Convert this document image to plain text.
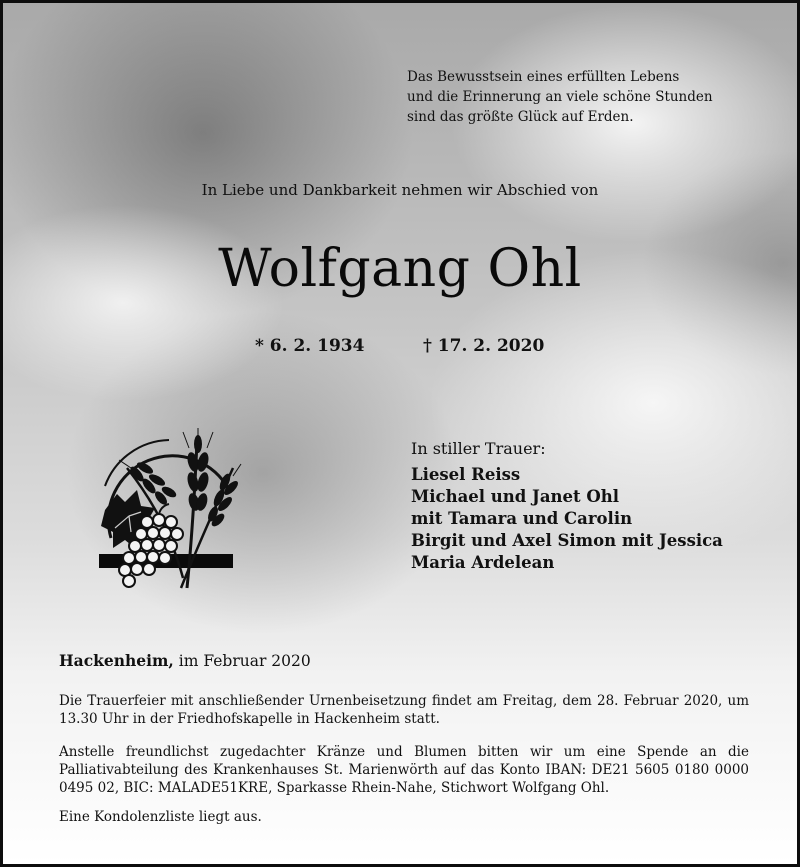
Das Bewusstsein eines erfüllten Lebens
und die Erinnerung an viele schöne Stunden
sind das größte Glück auf Erden.
In Liebe und Dankbarkeit nehmen wir Abschied von
Wolfgang Ohl
* 6. 2. 1934	† 17. 2. 2020
In stiller Trauer:
Liesel Reiss
Michael und Janet Ohl
mit Tamara und Carolin
Birgit und Axel Simon mit Jessica
Maria Ardelean
Hackenheim, im Februar 2020
Die Trauerfeier mit anschließender Urnenbeisetzung findet am Freitag, dem 28. Februar 2020, um 13.30 Uhr in der Friedhofskapelle in Hackenheim statt.
Anstelle freundlichst zugedachter Kränze und Blumen bitten wir um eine Spende an die Palliativabteilung des Krankenhauses St. Marienwörth auf das Konto IBAN: DE21 5605 0180 0000 0495 02, BIC: MALADE51KRE, Sparkasse Rhein-Nahe, Stichwort Wolfgang Ohl.
Eine Kondolenzliste liegt aus.
